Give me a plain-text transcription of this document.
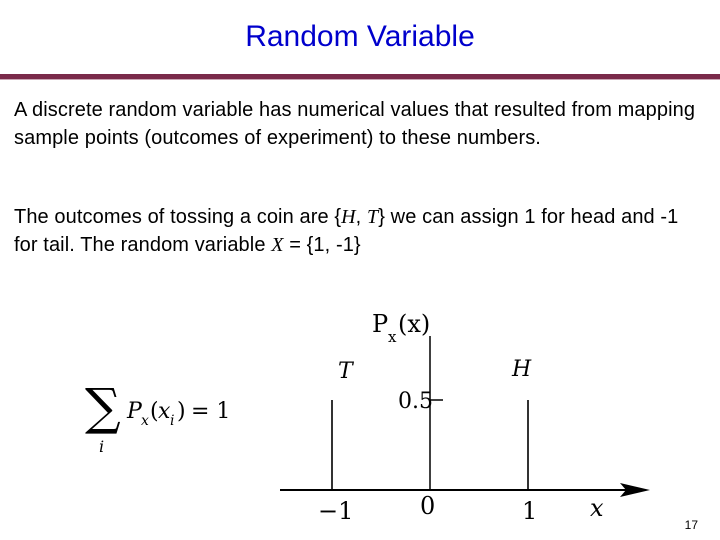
Random Variable
A discrete random variable has numerical values that resulted from mapping sample points (outcomes of experiment) to these numbers.
The outcomes of tossing a coin are {H, T} we can assign 1 for head and -1 for tail. The random variable X = {1, -1}
∑
i
P x ( x i ) = 1
P x (x)
T	H
0.5
−1	0	1 x
17
